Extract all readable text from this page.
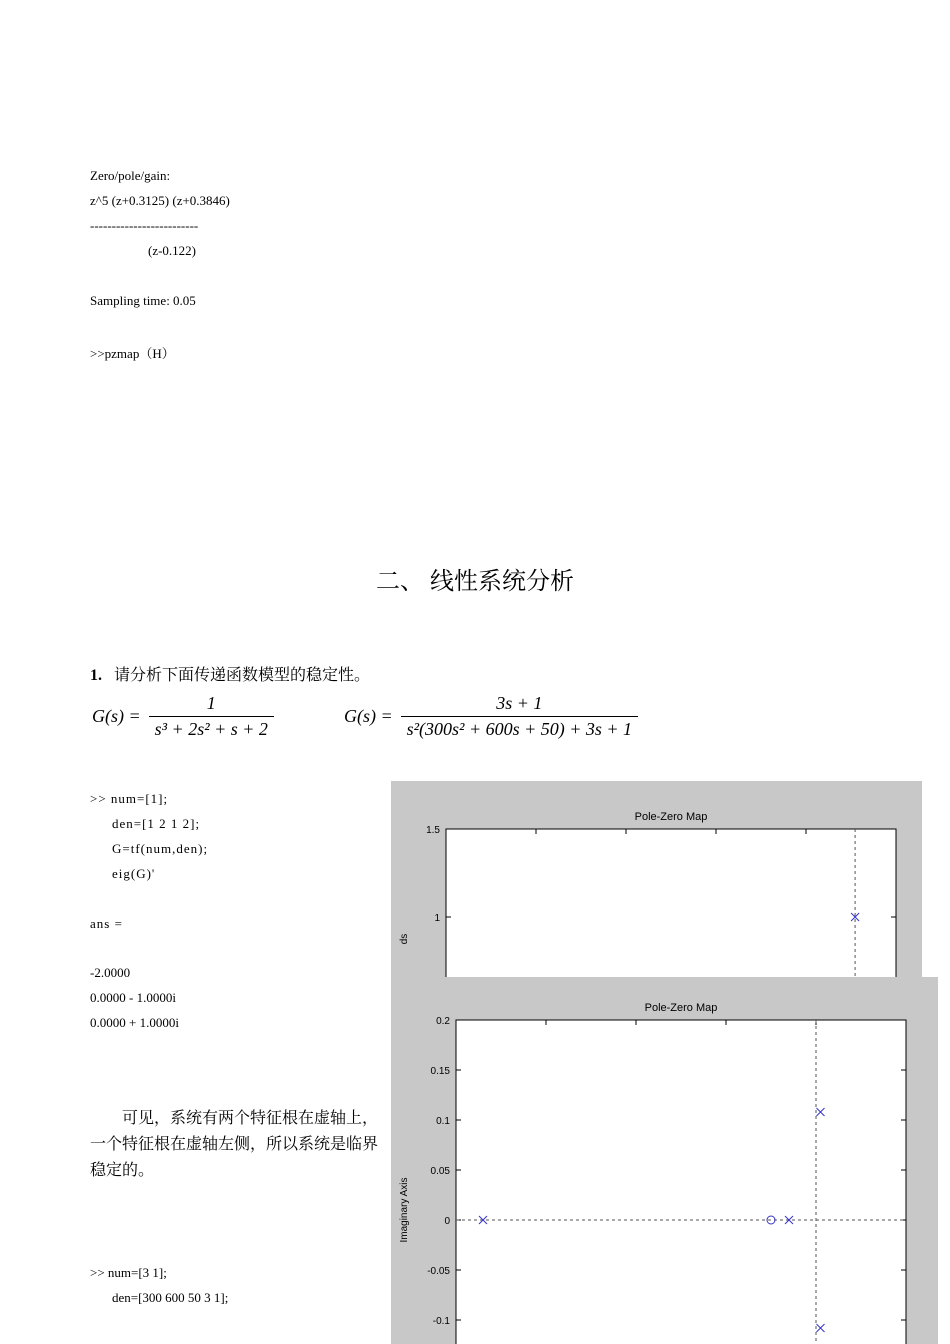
Zero/pole/gain:
z^5 (z+0.3125) (z+0.3846)
-------------------------
(z-0.122)
Sampling time: 0.05
>>pzmap（H）
二、 线性系统分析
1. 请分析下面传递函数模型的稳定性。
$G(s) = \frac{1}{\text{s³ + 2s² + s + 2}}$	$G(s) = \frac{3s + 1}{\text{s²(300s² + 600s + 50) + 3s + 1}}$
>> num=[1];
den=[1 2 1 2];
G=tf(num,den);
eig(G)'
ans =
-2.0000
0.0000 - 1.0000i
0.0000 + 1.0000i
可见，系统有两个特征根在虚轴上，一个特征根在虚轴左侧，所以系统是临界稳定的。
>> num=[3 1];
den=[300 600 50 3 1];
Pole-Zero Map
ds
1.5
1
Pole-Zero Map
Imaginary Axis
0.2
0.15
0.1
0.05
0
-0.05
-0.1
